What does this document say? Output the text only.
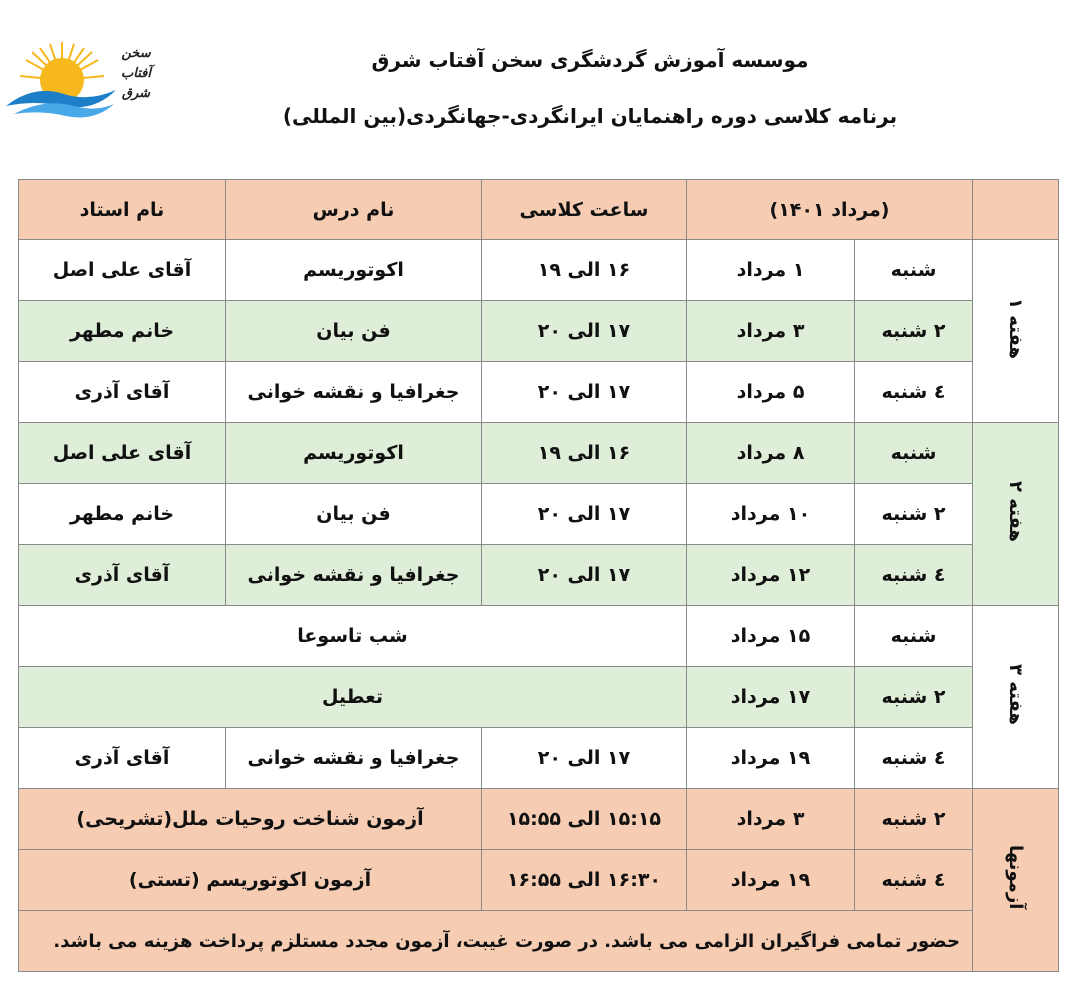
سخن
آفتاب
شرق
موسسه آموزش گردشگری سخن آفتاب شرق
برنامه کلاسی دوره راهنمایان ایرانگردی-جهانگردی(بین المللی)
	(مرداد ۱۴۰۱)		ساعت کلاسی	نام درس	نام استاد
هفته ۱	شنبه	۱ مرداد	۱۶ الی ۱۹	اکوتوریسم	آقای علی اصل
	۲ شنبه	۳ مرداد	۱۷ الی ۲۰	فن بیان	خانم مطهر
	٤ شنبه	۵ مرداد	۱۷ الی ۲۰	جغرافیا و نقشه خوانی	آقای آذری
هفته ۲	شنبه	۸ مرداد	۱۶ الی ۱۹	اکوتوریسم	آقای علی اصل
	۲ شنبه	۱۰ مرداد	۱۷ الی ۲۰	فن بیان	خانم مطهر
	٤ شنبه	۱۲ مرداد	۱۷ الی ۲۰	جغرافیا و نقشه خوانی	آقای آذری
هفته ۳	شنبه	۱۵ مرداد	شب تاسوعا		
	۲ شنبه	۱۷ مرداد	تعطیل		
	٤ شنبه	۱۹ مرداد	۱۷ الی ۲۰	جغرافیا و نقشه خوانی	آقای آذری
آزمونها	۲ شنبه	۳ مرداد	۱۵:۱۵ الی ۱۵:۵۵	آزمون شناخت روحیات ملل(تشریحی)	
	٤ شنبه	۱۹ مرداد	۱۶:۳۰ الی ۱۶:۵۵	آزمون اکوتوریسم (تستی)	
	حضور تمامی فراگیران الزامی می باشد. در صورت غیبت، آزمون مجدد مستلزم پرداخت هزینه می باشد.				
